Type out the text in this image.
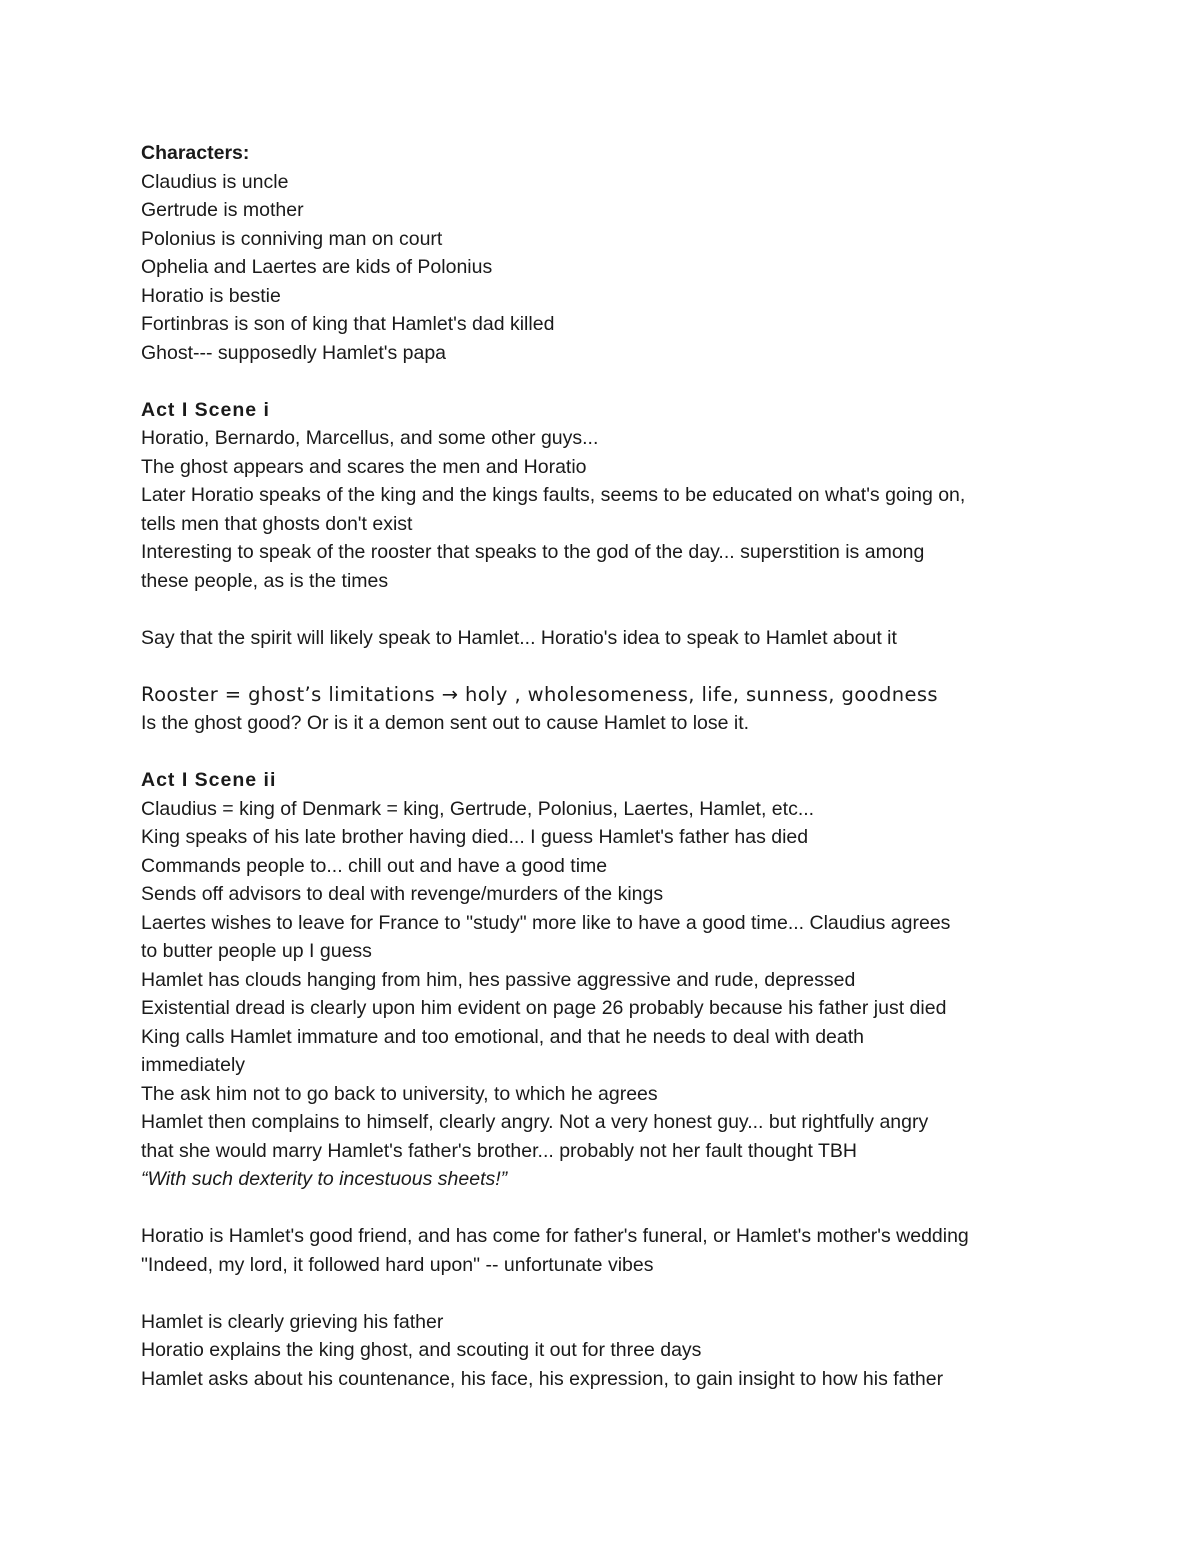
Characters:
Claudius is uncle
Gertrude is mother
Polonius is conniving man on court
Ophelia and Laertes are kids of Polonius
Horatio is bestie
Fortinbras is son of king that Hamlet's dad killed
Ghost--- supposedly Hamlet's papa
Act I Scene i
Horatio, Bernardo, Marcellus, and some other guys...
The ghost appears and scares the men and Horatio
Later Horatio speaks of the king and the kings faults, seems to be educated on what's going on,
tells men that ghosts don't exist
Interesting to speak of the rooster that speaks to the god of the day... superstition is among
these people, as is the times
Say that the spirit will likely speak to Hamlet... Horatio's idea to speak to Hamlet about it
Rooster = ghost’s limitations → holy , wholesomeness, life, sunness, goodness
Is the ghost good? Or is it a demon sent out to cause Hamlet to lose it.
Act I Scene ii
Claudius = king of Denmark = king, Gertrude, Polonius, Laertes, Hamlet, etc...
King speaks of his late brother having died... I guess Hamlet's father has died
Commands people to... chill out and have a good time
Sends off advisors to deal with revenge/murders of the kings
Laertes wishes to leave for France to "study" more like to have a good time... Claudius agrees
to butter people up I guess
Hamlet has clouds hanging from him, hes passive aggressive and rude, depressed
Existential dread is clearly upon him evident on page 26 probably because his father just died
King calls Hamlet immature and too emotional, and that he needs to deal with death
immediately
The ask him not to go back to university, to which he agrees
Hamlet then complains to himself, clearly angry. Not a very honest guy... but rightfully angry
that she would marry Hamlet's father's brother... probably not her fault thought TBH
“With such dexterity to incestuous sheets!”
Horatio is Hamlet's good friend, and has come for father's funeral, or Hamlet's mother's wedding
"Indeed, my lord, it followed hard upon" -- unfortunate vibes
Hamlet is clearly grieving his father
Horatio explains the king ghost, and scouting it out for three days
Hamlet asks about his countenance, his face, his expression, to gain insight to how his father
